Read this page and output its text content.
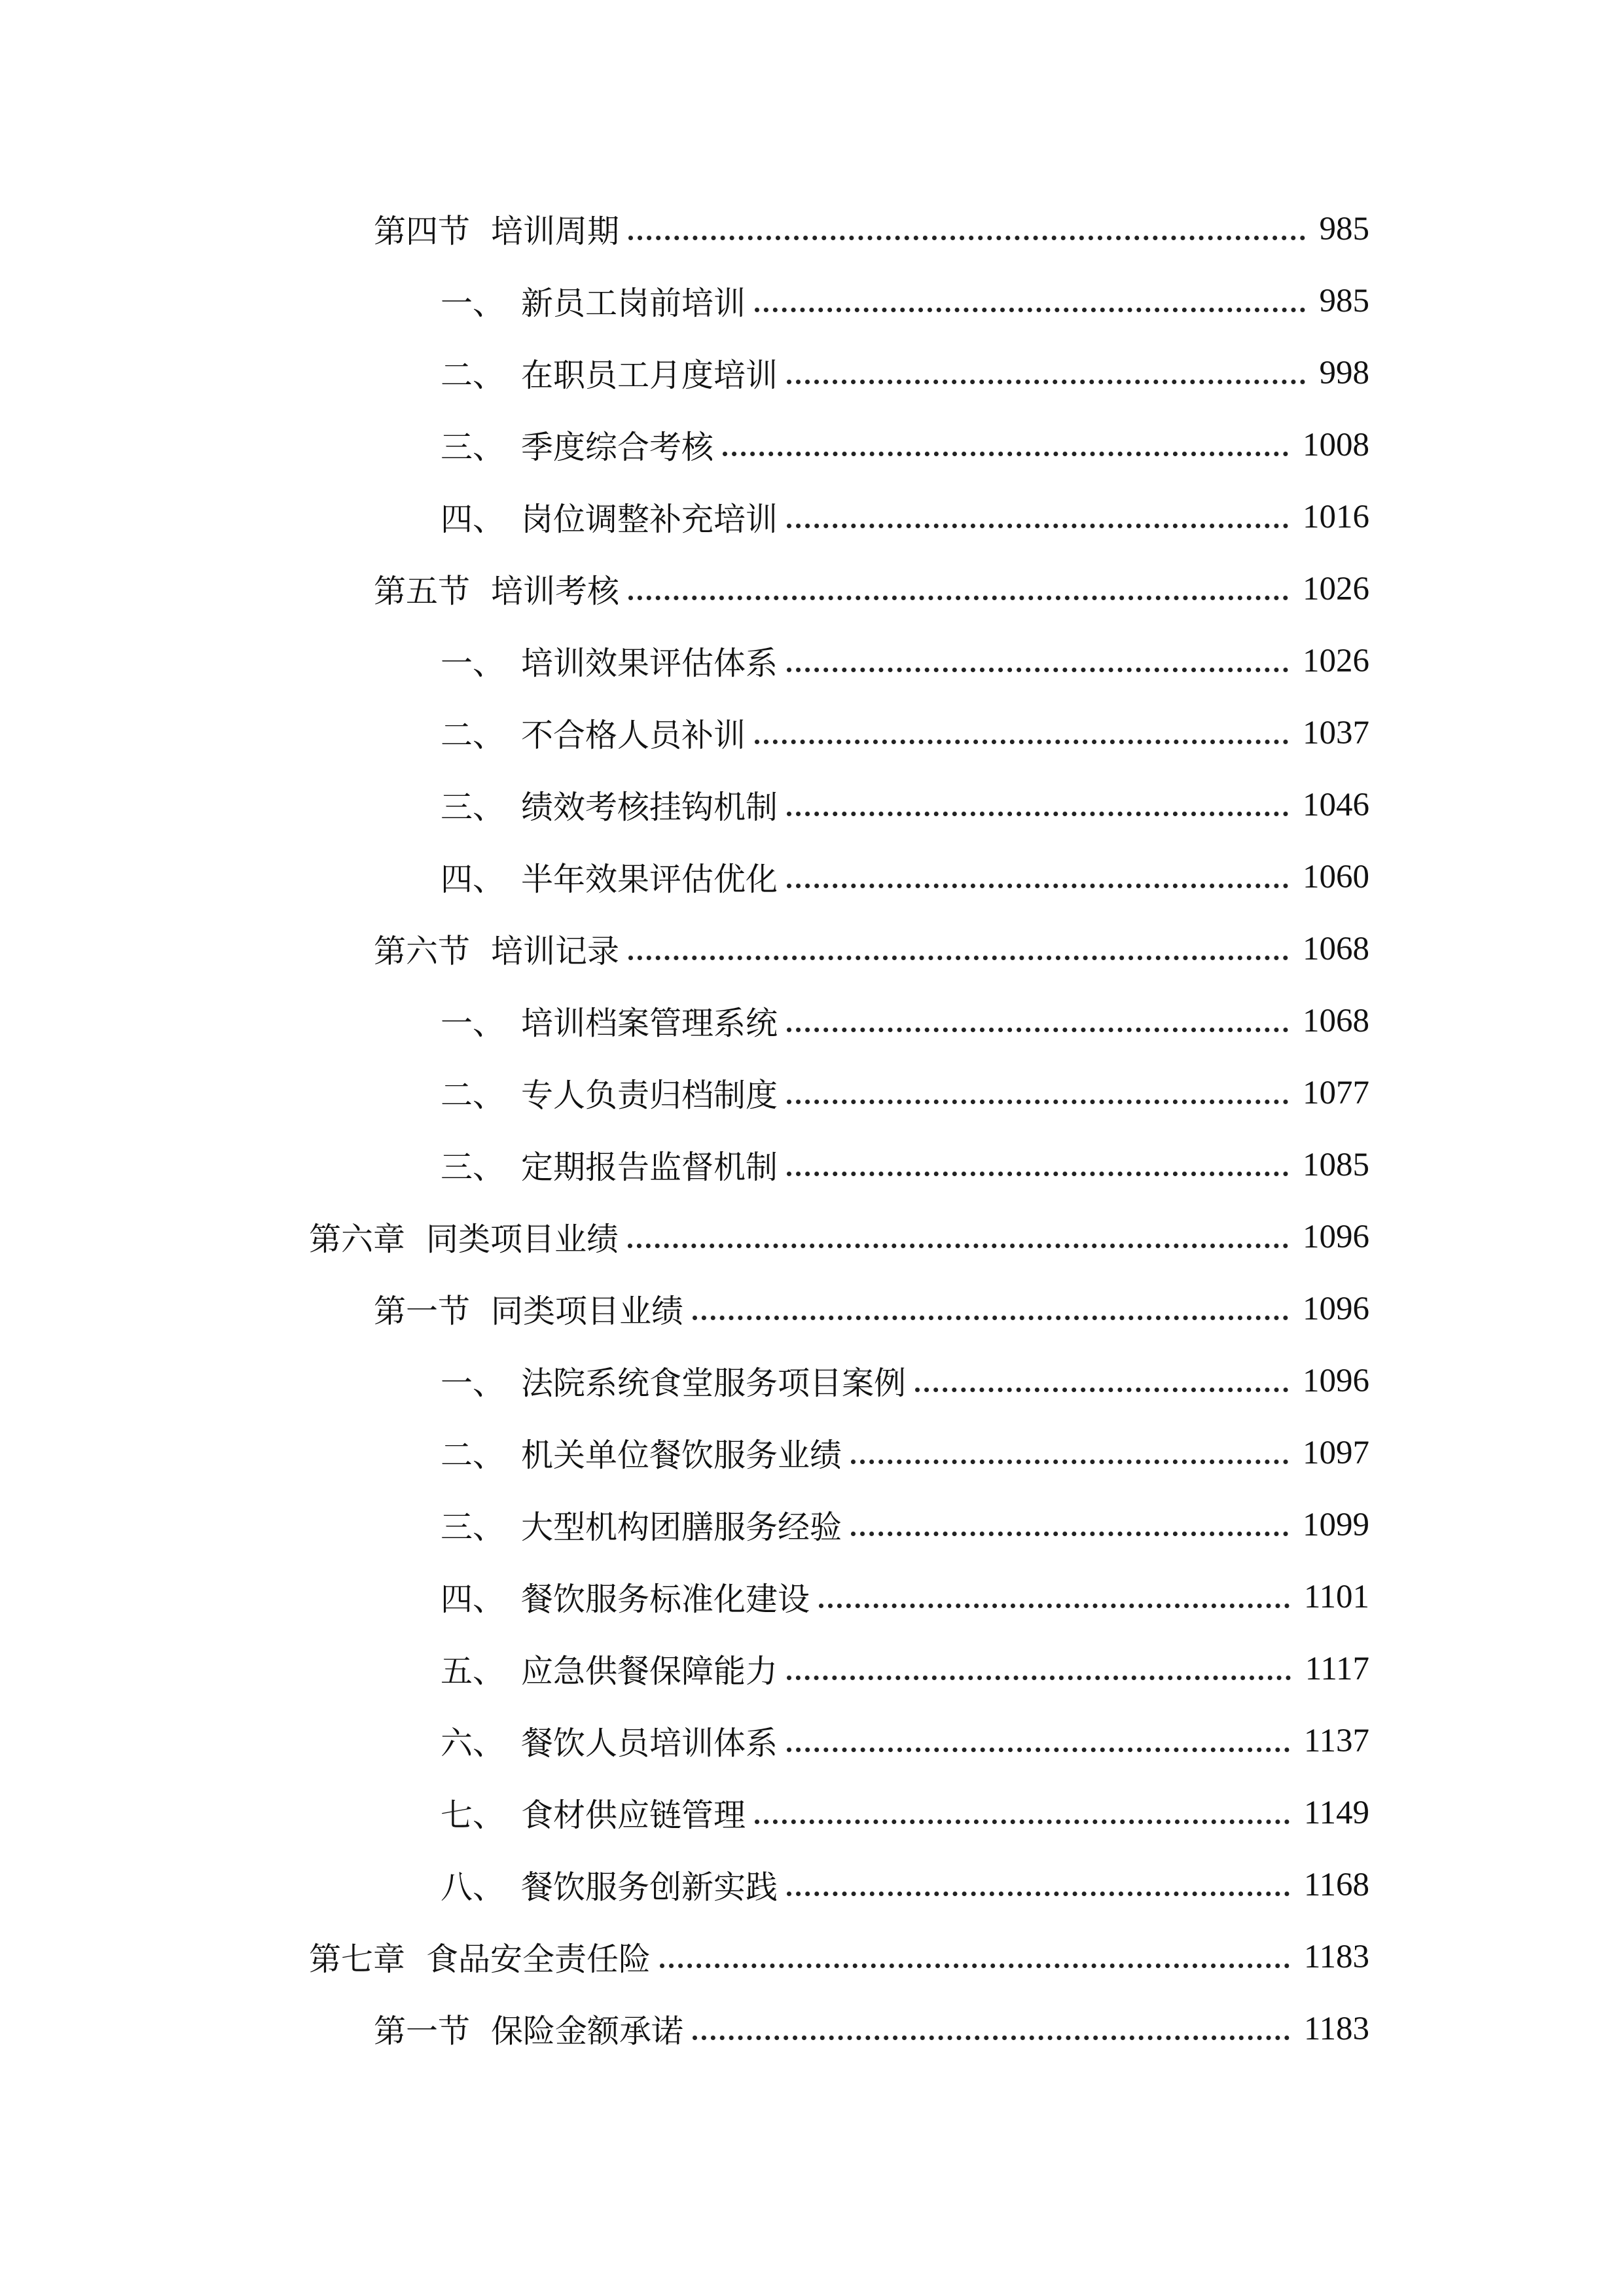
第四节 培训周期	985
一、 新员工岗前培训	985
二、 在职员工月度培训	998
三、 季度综合考核	1008
四、 岗位调整补充培训	1016
第五节 培训考核	1026
一、 培训效果评估体系	1026
二、 不合格人员补训	1037
三、 绩效考核挂钩机制	1046
四、 半年效果评估优化	1060
第六节 培训记录	1068
一、 培训档案管理系统	1068
二、 专人负责归档制度	1077
三、 定期报告监督机制	1085
第六章 同类项目业绩	1096
第一节 同类项目业绩	1096
一、 法院系统食堂服务项目案例	1096
二、 机关单位餐饮服务业绩	1097
三、 大型机构团膳服务经验	1099
四、 餐饮服务标准化建设	1101
五、 应急供餐保障能力	1117
六、 餐饮人员培训体系	1137
七、 食材供应链管理	1149
八、 餐饮服务创新实践	1168
第七章 食品安全责任险	1183
第一节 保险金额承诺	1183
